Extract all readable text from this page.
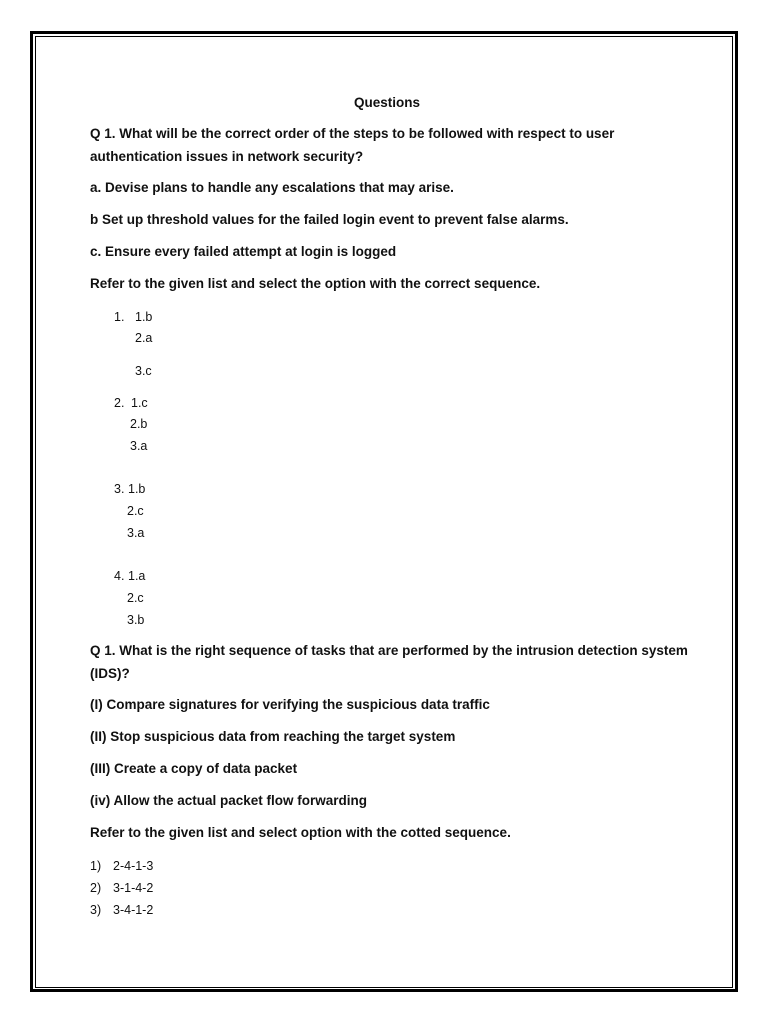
Questions
Q 1. What will be the correct order of the steps to be followed with respect to user
authentication issues in network security?
a. Devise plans to handle any escalations that may arise.
b Set up threshold values for the failed login event to prevent false alarms.
c. Ensure every failed attempt at login is logged
Refer to the given list and select the option with the correct sequence.
1. 1.b
2.a
3.c
2. 1.c
2.b
3.a
3. 1.b
2.c
3.a
4. 1.a
2.c
3.b
Q 1. What is the right sequence of tasks that are performed by the intrusion detection system
(IDS)?
(I) Compare signatures for verifying the suspicious data traffic
(II) Stop suspicious data from reaching the target system
(III) Create a copy of data packet
(iv) Allow the actual packet flow forwarding
Refer to the given list and select option with the cotted sequence.
1) 2-4-1-3
2) 3-1-4-2
3) 3-4-1-2
